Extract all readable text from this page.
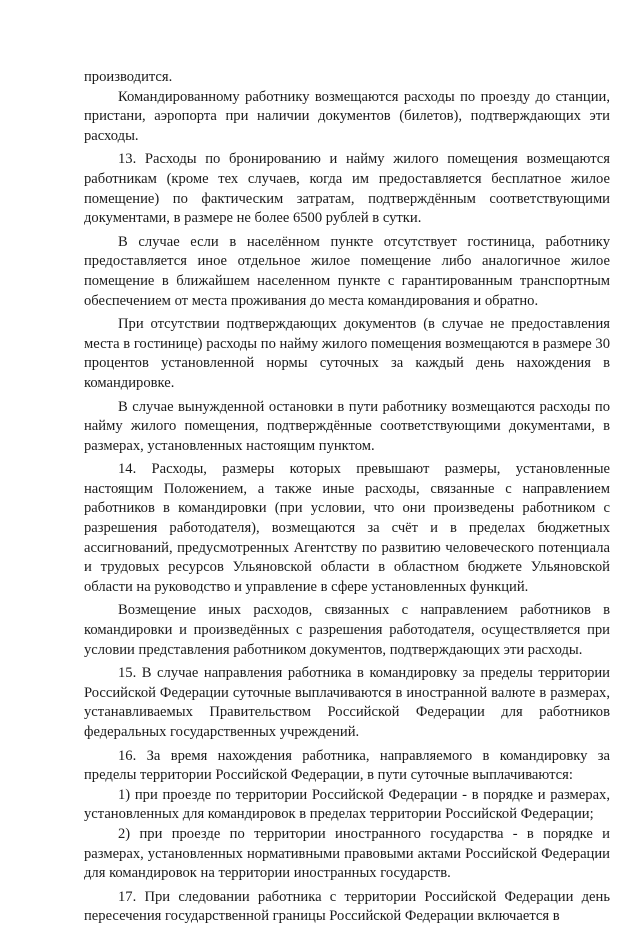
производится.

Командированному работнику возмещаются расходы по проезду до станции, пристани, аэропорта при наличии документов (билетов), подтверждающих эти расходы.

13. Расходы по бронированию и найму жилого помещения возмещаются работникам (кроме тех случаев, когда им предоставляется бесплатное жилое помещение) по фактическим затратам, подтверждённым соответствующими документами, в размере не более 6500 рублей в сутки.

В случае если в населённом пункте отсутствует гостиница, работнику предоставляется иное отдельное жилое помещение либо аналогичное жилое помещение в ближайшем населенном пункте с гарантированным транспортным обеспечением от места проживания до места командирования и обратно.

При отсутствии подтверждающих документов (в случае не предоставления места в гостинице) расходы по найму жилого помещения возмещаются в размере 30 процентов установленной нормы суточных за каждый день нахождения в командировке.

В случае вынужденной остановки в пути работнику возмещаются расходы по найму жилого помещения, подтверждённые соответствующими документами, в размерах, установленных настоящим пунктом.

14. Расходы, размеры которых превышают размеры, установленные настоящим Положением, а также иные расходы, связанные с направлением работников в командировки (при условии, что они произведены работником с разрешения работодателя), возмещаются за счёт и в пределах бюджетных ассигнований, предусмотренных Агентству по развитию человеческого потенциала и трудовых ресурсов Ульяновской области в областном бюджете Ульяновской области на руководство и управление в сфере установленных функций.

Возмещение иных расходов, связанных с направлением работников в командировки и произведённых с разрешения работодателя, осуществляется при условии представления работником документов, подтверждающих эти расходы.

15. В случае направления работника в командировку за пределы территории Российской Федерации суточные выплачиваются в иностранной валюте в размерах, устанавливаемых Правительством Российской Федерации для работников федеральных государственных учреждений.

16. За время нахождения работника, направляемого в командировку за пределы территории Российской Федерации, в пути суточные выплачиваются:

1) при проезде по территории Российской Федерации - в порядке и размерах, установленных для командировок в пределах территории Российской Федерации;

2) при проезде по территории иностранного государства - в порядке и размерах, установленных нормативными правовыми актами Российской Федерации для командировок на территории иностранных государств.

17. При следовании работника с территории Российской Федерации день пересечения государственной границы Российской Федерации включается в
